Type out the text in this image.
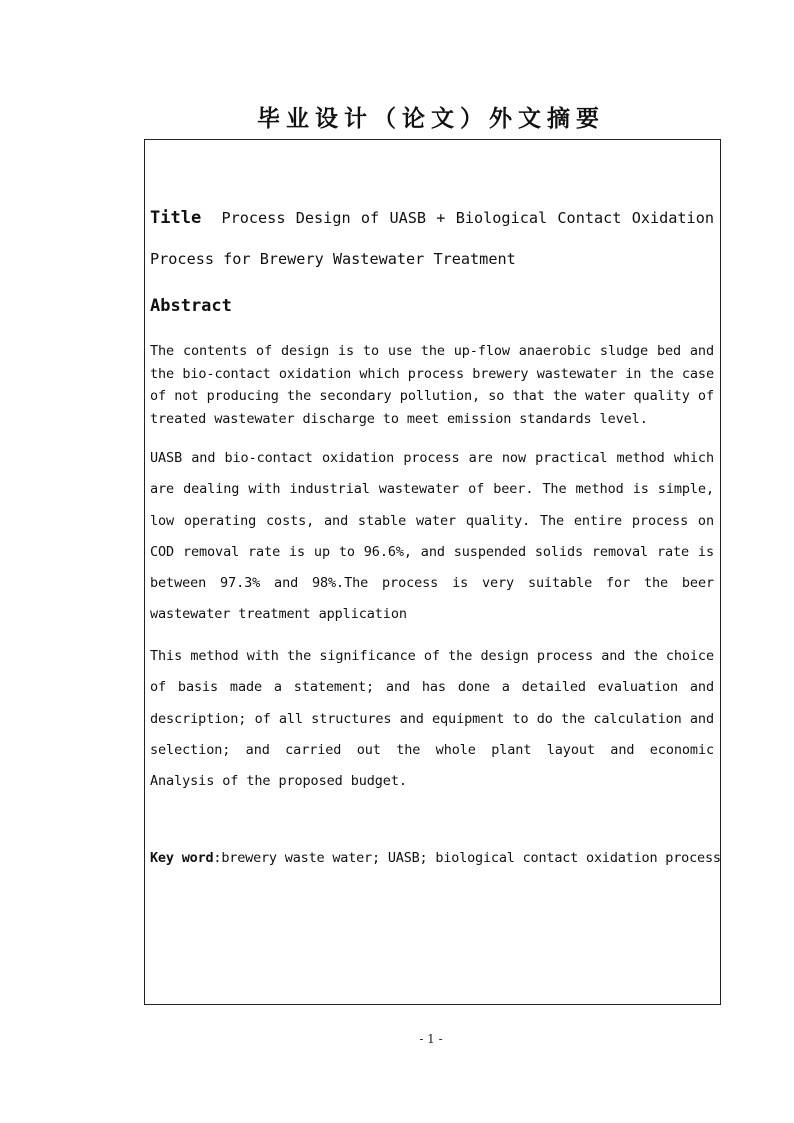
毕业设计（论文）外文摘要
Title Process Design of UASB + Biological Contact Oxidation Process for Brewery Wastewater Treatment
Abstract
The contents of design is to use the up-flow anaerobic sludge bed and the bio-contact oxidation which process brewery wastewater in the case of not producing the secondary pollution, so that the water quality of treated wastewater discharge to meet emission standards level.
UASB and bio-contact oxidation process are now practical method which are dealing with industrial wastewater of beer. The method is simple, low operating costs, and stable water quality. The entire process on COD removal rate is up to 96.6%, and suspended solids removal rate is between 97.3% and 98%.The process is very suitable for the beer wastewater treatment application
This method with the significance of the design process and the choice of basis made a statement; and has done a detailed evaluation and description; of all structures and equipment to do the calculation and selection; and carried out the whole plant layout and economic Analysis of the proposed budget.
Key word:brewery waste water; UASB; biological contact oxidation process
- 1 -
